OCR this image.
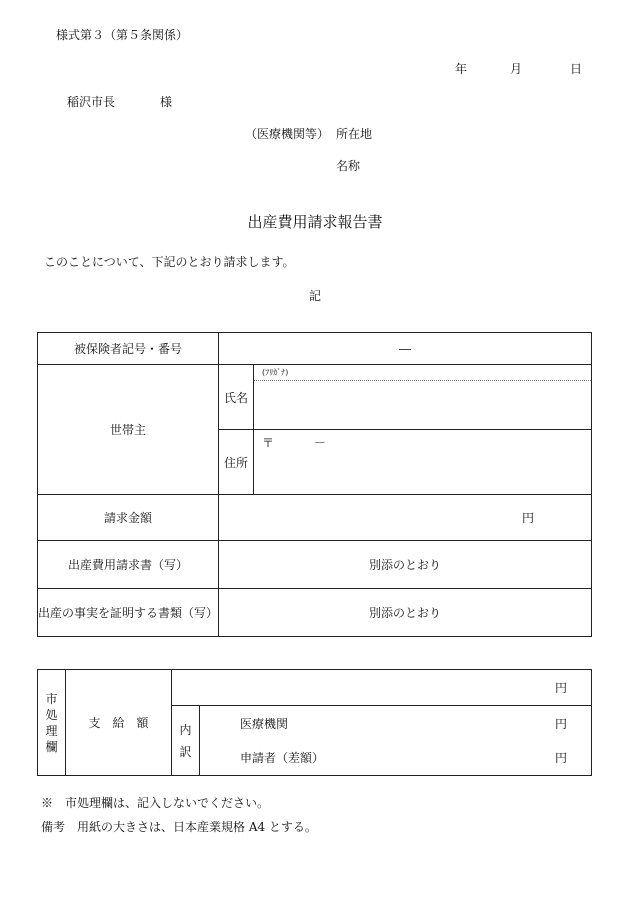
様式第３（第５条関係）
年	月	日
稲沢市長	様
（医療機関等） 所在地
名称
出産費用請求報告書
このことについて、下記のとおり請求します。
記
被保険者記号・番号	―	
世帯主	氏名	(ﾌﾘｶﾞﾅ)

	住所	〒 －
請求金額	円	
出産費用請求書（写）	別添のとおり	
出産の事実を証明する書類（写）	別添のとおり	
市処理欄	支　給　額	円		

		内訳	医療機関	円
			申請者（差額）	円
※　市処理欄は、記入しないでください。
備考　用紙の大きさは、日本産業規格 A4 とする。
